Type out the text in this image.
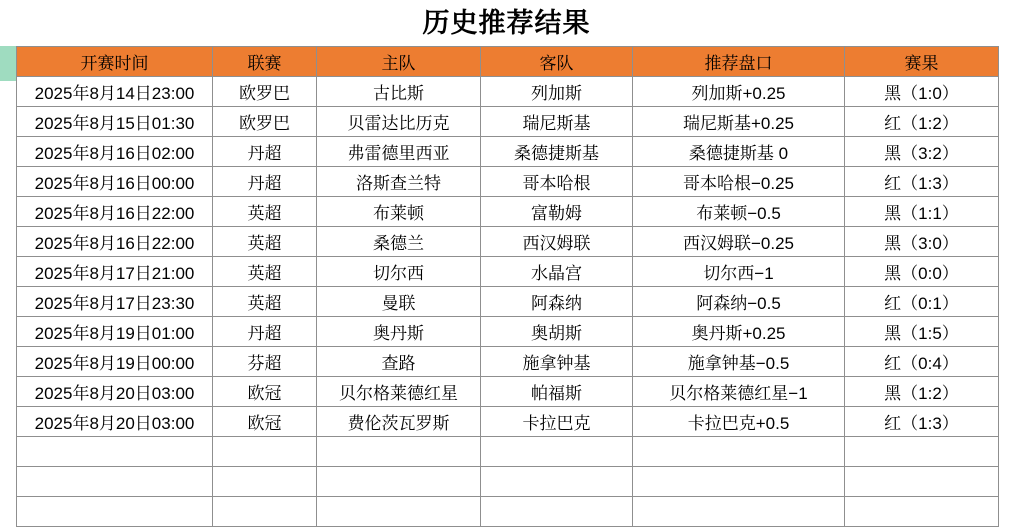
历史推荐结果
开赛时间	联赛	主队	客队	推荐盘口	赛果
2025年8月14日23:00	欧罗巴	古比斯	列加斯	列加斯+0.25	黑（1:0）
2025年8月15日01:30	欧罗巴	贝雷达比历克	瑞尼斯基	瑞尼斯基+0.25	红（1:2）
2025年8月16日02:00	丹超	弗雷德里西亚	桑德捷斯基	桑德捷斯基 0	黑（3:2）
2025年8月16日00:00	丹超	洛斯查兰特	哥本哈根	哥本哈根−0.25	红（1:3）
2025年8月16日22:00	英超	布莱顿	富勒姆	布莱顿−0.5	黑（1:1）
2025年8月16日22:00	英超	桑德兰	西汉姆联	西汉姆联−0.25	黑（3:0）
2025年8月17日21:00	英超	切尔西	水晶宫	切尔西−1	黑（0:0）
2025年8月17日23:30	英超	曼联	阿森纳	阿森纳−0.5	红（0:1）
2025年8月19日01:00	丹超	奥丹斯	奥胡斯	奥丹斯+0.25	黑（1:5）
2025年8月19日00:00	芬超	查路	施拿钟基	施拿钟基−0.5	红（0:4）
2025年8月20日03:00	欧冠	贝尔格莱德红星	帕福斯	贝尔格莱德红星−1	黑（1:2）
2025年8月20日03:00	欧冠	费伦茨瓦罗斯	卡拉巴克	卡拉巴克+0.5	红（1:3）
